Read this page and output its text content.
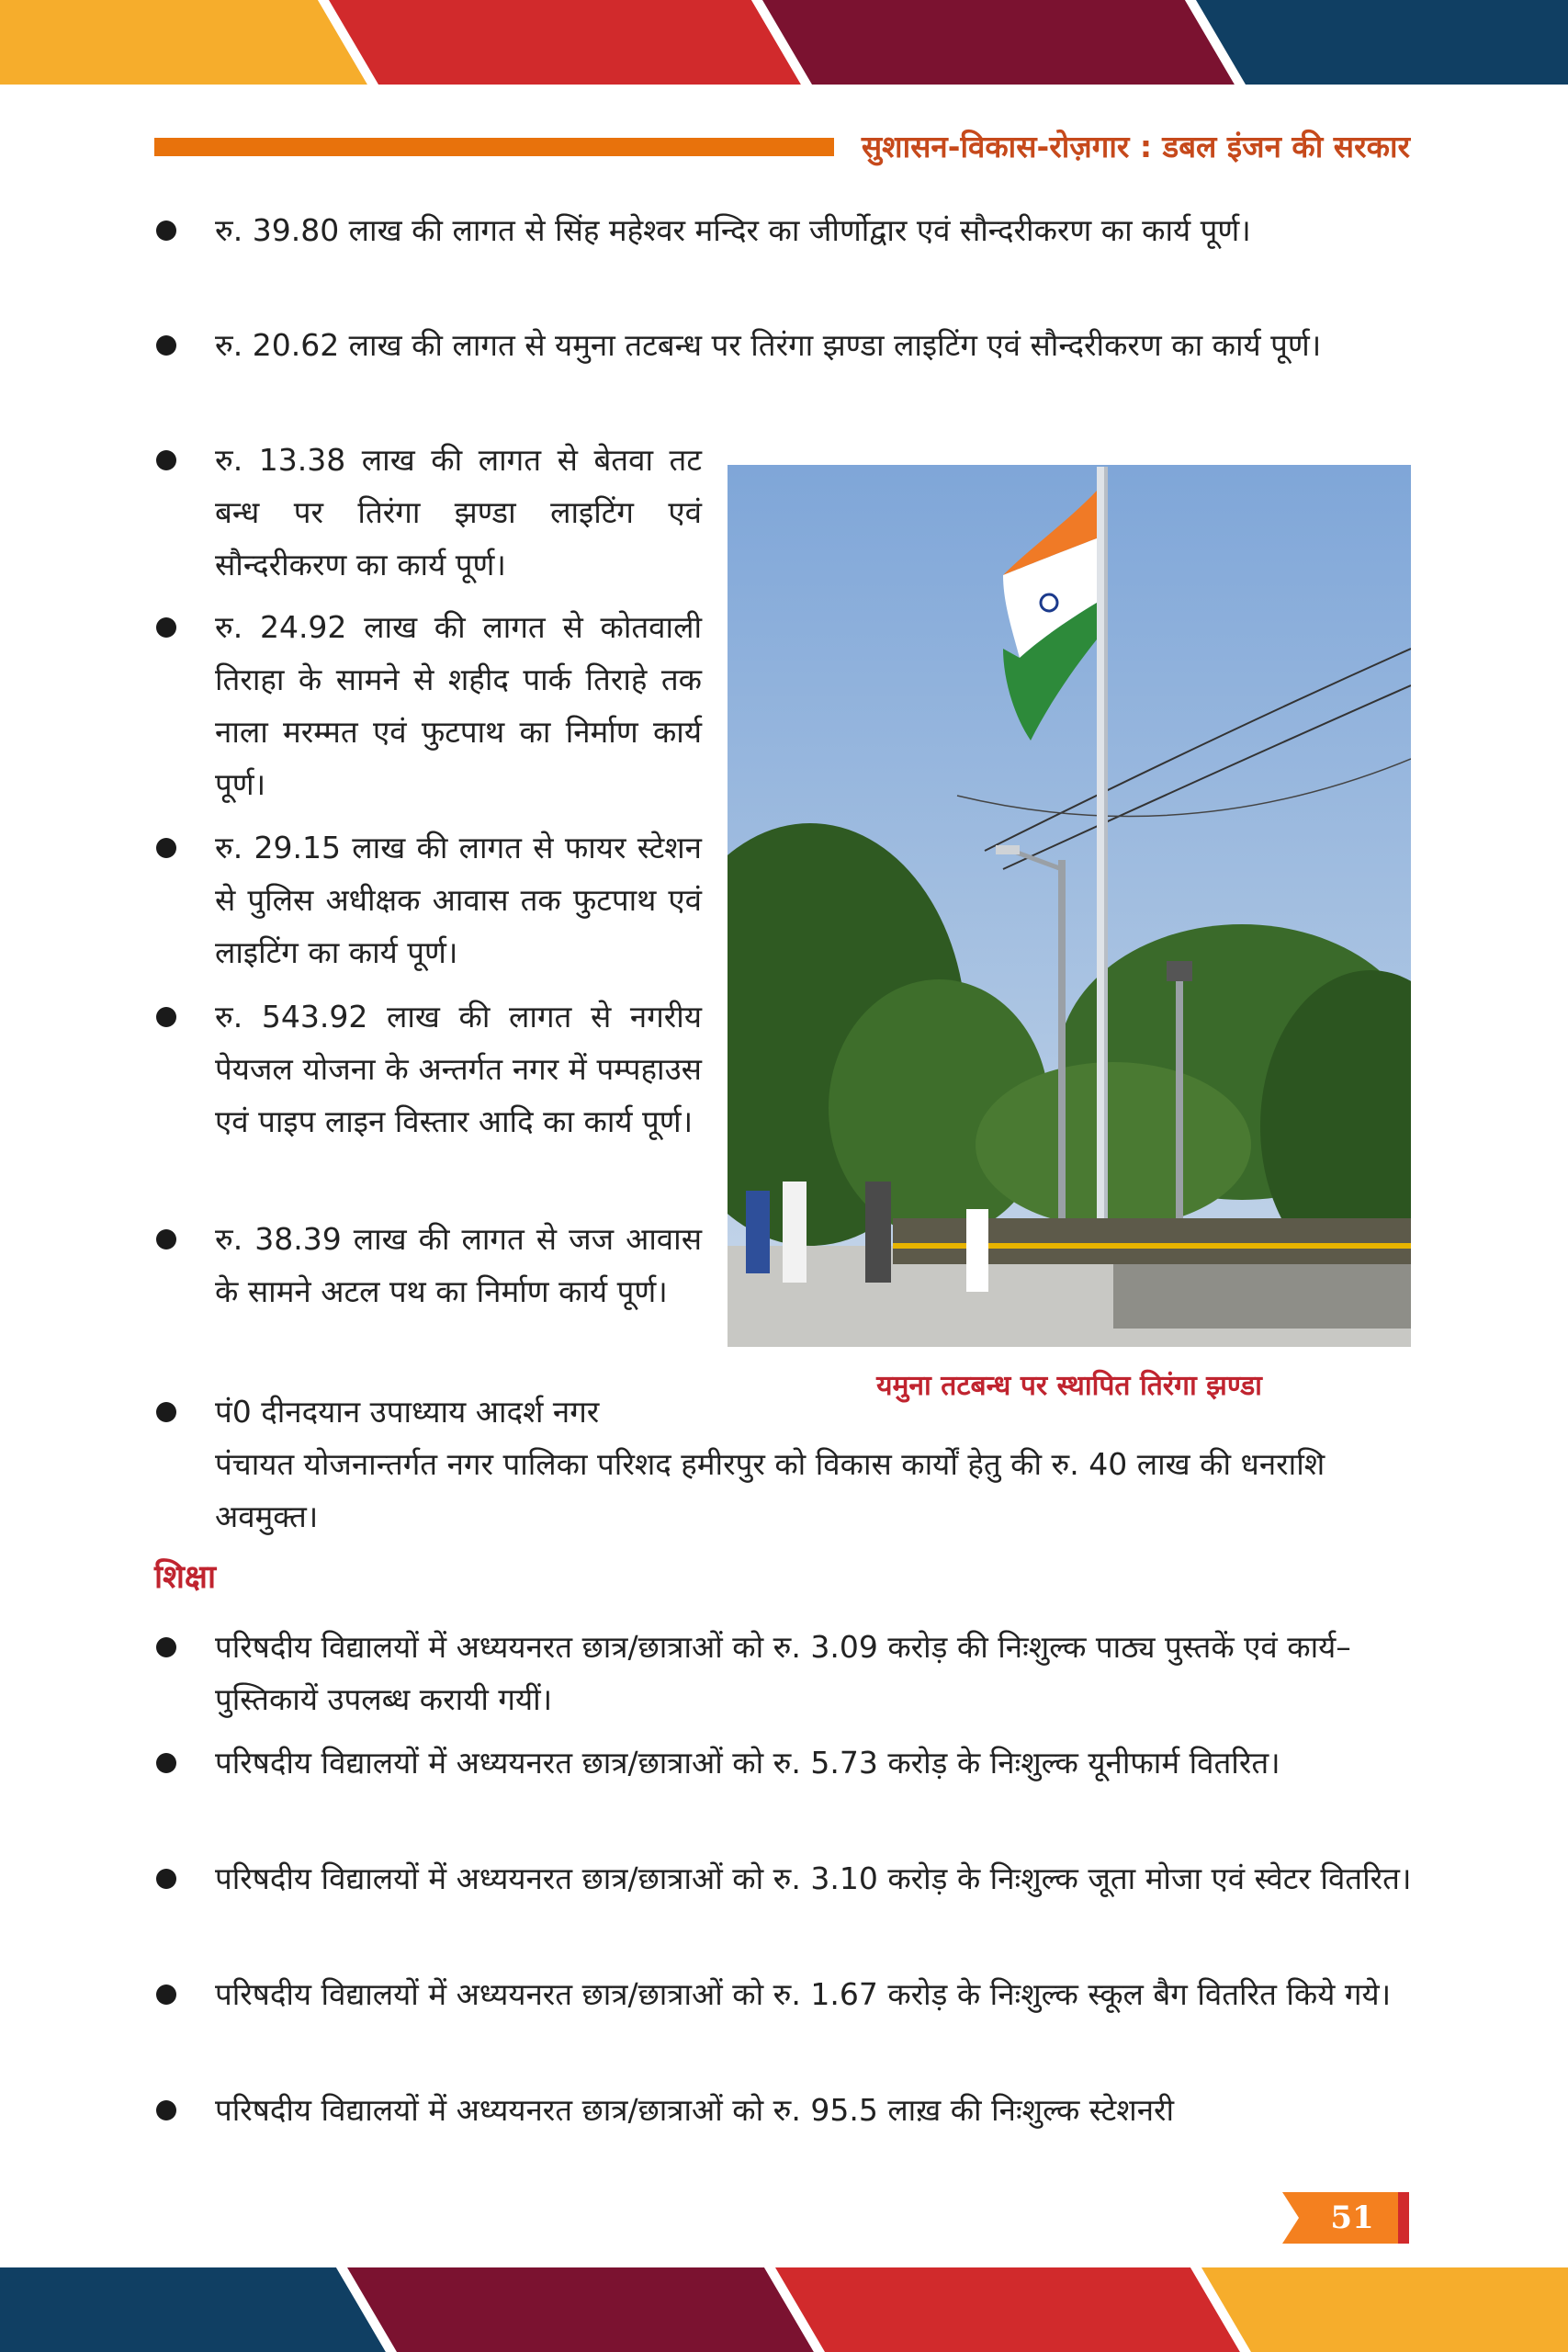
सुशासन-विकास-रोज़गार : डबल इंजन की सरकार
रु. 39.80 लाख की लागत से सिंह महेश्वर मन्दिर का जीर्णोद्वार एवं सौन्दरीकरण का कार्य पूर्ण।
रु. 20.62 लाख की लागत से यमुना तटबन्ध पर तिरंगा झण्डा लाइटिंग एवं सौन्दरीकरण का कार्य पूर्ण।
रु. 13.38 लाख की लागत से बेतवा तट बन्ध पर तिरंगा झण्डा लाइटिंग एवं सौन्दरीकरण का कार्य पूर्ण।
रु. 24.92 लाख की लागत से कोतवाली तिराहा के सामने से शहीद पार्क तिराहे तक नाला मरम्मत एवं फुटपाथ का निर्माण कार्य पूर्ण।
रु. 29.15 लाख की लागत से फायर स्टेशन से पुलिस अधीक्षक आवास तक फुटपाथ एवं लाइटिंग का कार्य पूर्ण।
रु. 543.92 लाख की लागत से नगरीय पेयजल योजना के अन्तर्गत नगर में पम्पहाउस एवं पाइप लाइन विस्तार आदि का कार्य पूर्ण।
रु. 38.39 लाख की लागत से जज आवास के सामने अटल पथ का निर्माण कार्य पूर्ण।
पं0 दीनदयान उपाध्याय आदर्श नगर
पंचायत योजनान्तर्गत नगर पालिका परिशद हमीरपुर को विकास कार्यों हेतु की रु. 40 लाख की धनराशि अवमुक्त।
यमुना तटबन्ध पर स्थापित तिरंगा झण्डा
शिक्षा
परिषदीय विद्यालयों में अध्ययनरत छात्र/छात्राओं को रु. 3.09 करोड़ की निःशुल्क पाठ्य पुस्तकें एवं कार्य–पुस्तिकायें उपलब्ध करायी गयीं।
परिषदीय विद्यालयों में अध्ययनरत छात्र/छात्राओं को रु. 5.73 करोड़ के निःशुल्क यूनीफार्म वितरित।
परिषदीय विद्यालयों में अध्ययनरत छात्र/छात्राओं को रु. 3.10 करोड़ के निःशुल्क जूता मोजा एवं स्वेटर वितरित।
परिषदीय विद्यालयों में अध्ययनरत छात्र/छात्राओं को रु. 1.67 करोड़ के निःशुल्क स्कूल बैग वितरित किये गये।
परिषदीय विद्यालयों में अध्ययनरत छात्र/छात्राओं को रु. 95.5 लाख़ की निःशुल्क स्टेशनरी
51
